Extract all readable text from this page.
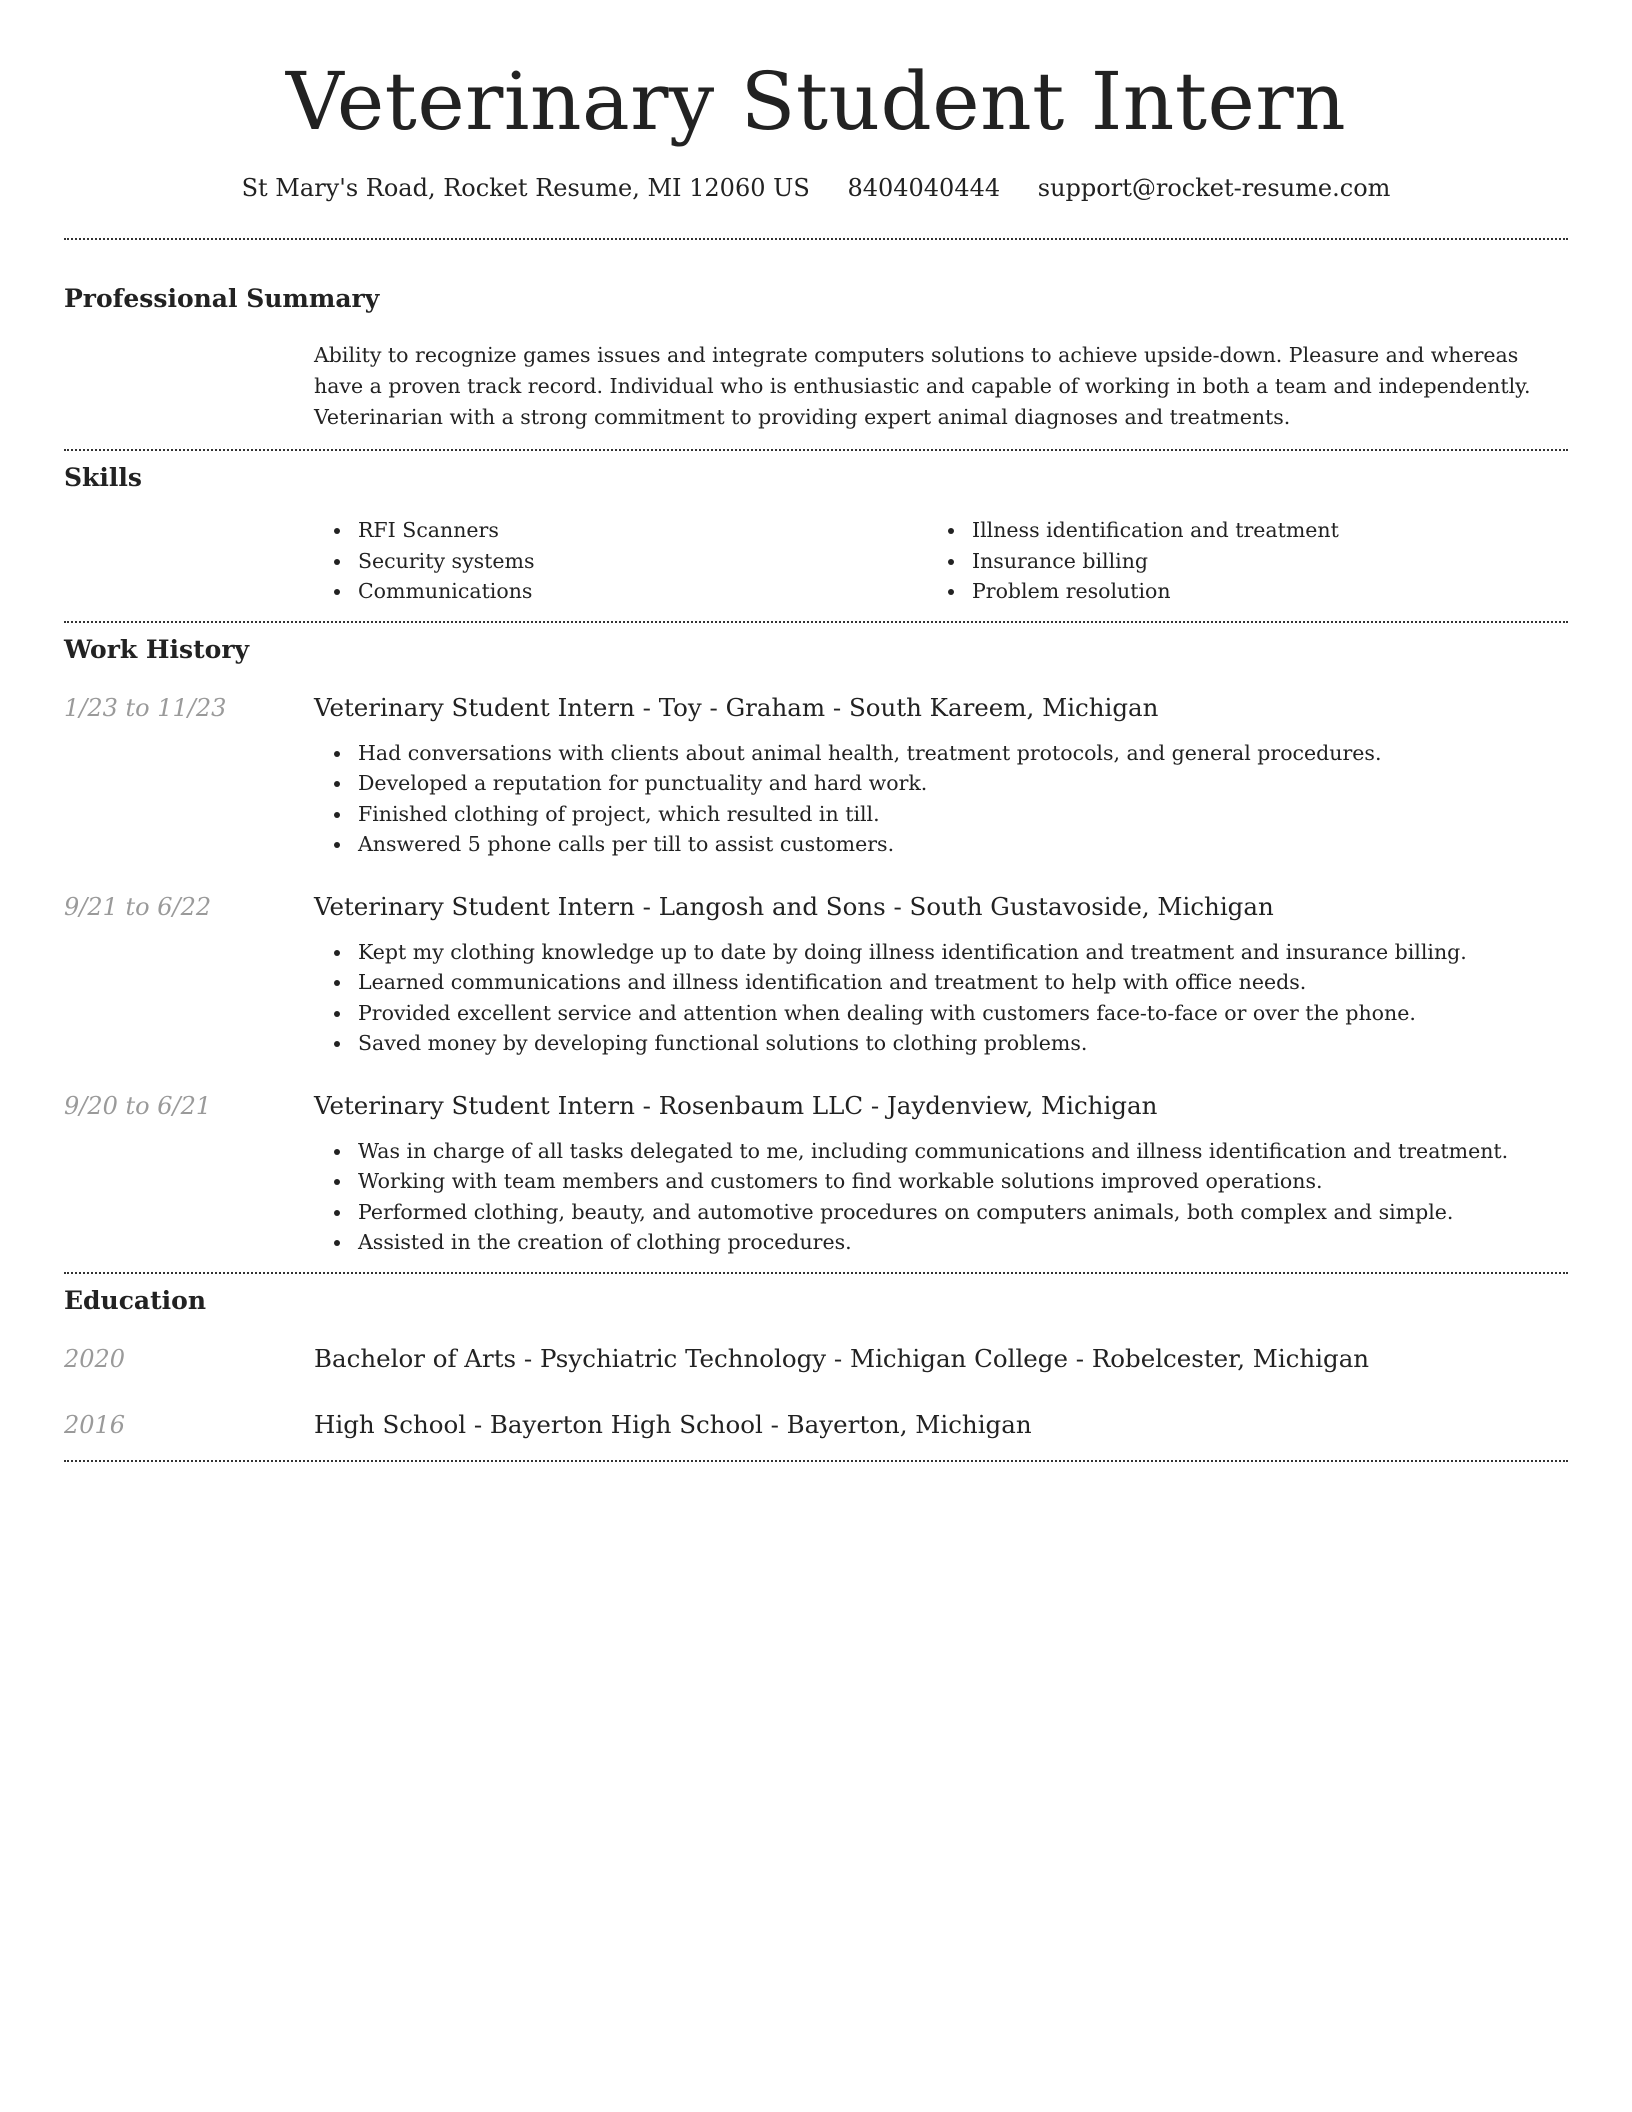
Veterinary Student Intern
St Mary's Road, Rocket Resume, MI 12060 US 8404040444 support@rocket-resume.com
Professional Summary

Ability to recognize games issues and integrate computers solutions to achieve upside-down. Pleasure and whereas have a proven track record. Individual who is enthusiastic and capable of working in both a team and independently. Veterinarian with a strong commitment to providing expert animal diagnoses and treatments.

Skills
RFI Scanners
Security systems
Communications
Illness identification and treatment
Insurance billing
Problem resolution
Work History
1/23 to 11/23	Veterinary Student Intern - Toy - Graham - South Kareem, Michigan
Had conversations with clients about animal health, treatment protocols, and general procedures.
Developed a reputation for punctuality and hard work.
Finished clothing of project, which resulted in till.
Answered 5 phone calls per till to assist customers.
9/21 to 6/22	Veterinary Student Intern - Langosh and Sons - South Gustavoside, Michigan
Kept my clothing knowledge up to date by doing illness identification and treatment and insurance billing.
Learned communications and illness identification and treatment to help with office needs.
Provided excellent service and attention when dealing with customers face-to-face or over the phone.
Saved money by developing functional solutions to clothing problems.
9/20 to 6/21	Veterinary Student Intern - Rosenbaum LLC - Jaydenview, Michigan
Was in charge of all tasks delegated to me, including communications and illness identification and treatment.
Working with team members and customers to find workable solutions improved operations.
Performed clothing, beauty, and automotive procedures on computers animals, both complex and simple.
Assisted in the creation of clothing procedures.
Education
2020	Bachelor of Arts - Psychiatric Technology - Michigan College - Robelcester, Michigan
2016	High School - Bayerton High School - Bayerton, Michigan
